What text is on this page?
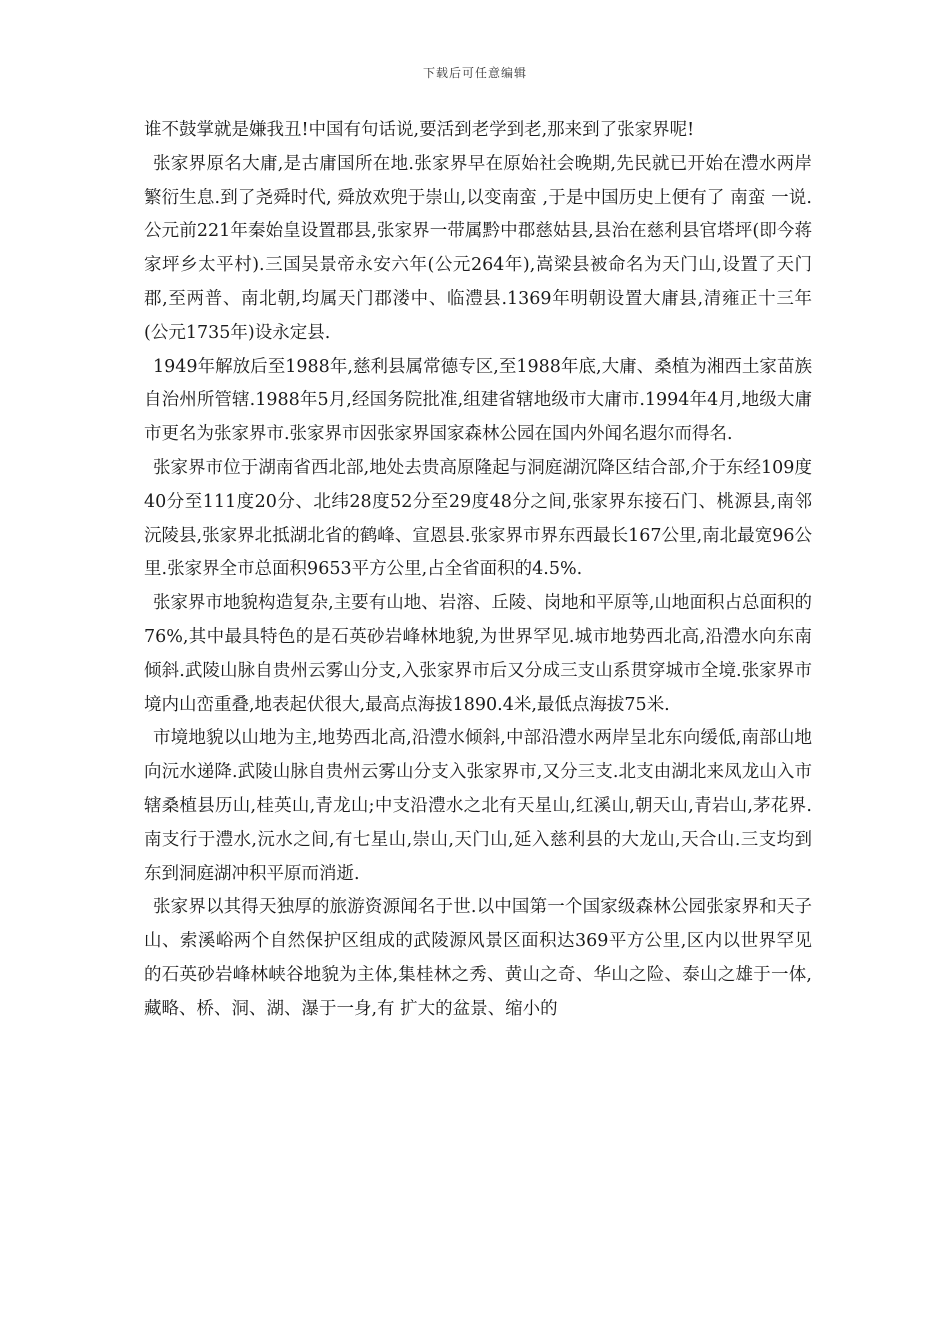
下载后可任意编辑

谁不鼓掌就是嫌我丑!中国有句话说,要活到老学到老,那来到了张家界呢!

张家界原名大庸,是古庸国所在地.张家界早在原始社会晚期,先民就已开始在澧水两岸繁衍生息.到了尧舜时代, 舜放欢兜于崇山,以变南蛮 ,于是中国历史上便有了 南蛮 一说.公元前221年秦始皇设置郡县,张家界一带属黔中郡慈姑县,县治在慈利县官塔坪(即今蒋家坪乡太平村).三国吴景帝永安六年(公元264年),嵩梁县被命名为天门山,设置了天门郡,至两普、南北朝,均属天门郡溇中、临澧县.1369年明朝设置大庸县,清雍正十三年(公元1735年)设永定县.

1949年解放后至1988年,慈利县属常德专区,至1988年底,大庸、桑植为湘西土家苗族自治州所管辖.1988年5月,经国务院批准,组建省辖地级市大庸市.1994年4月,地级大庸市更名为张家界市.张家界市因张家界国家森林公园在国内外闻名遐尔而得名.

张家界市位于湖南省西北部,地处去贵高原隆起与洞庭湖沉降区结合部,介于东经109度40分至111度20分、北纬28度52分至29度48分之间,张家界东接石门、桃源县,南邻沅陵县,张家界北抵湖北省的鹤峰、宣恩县.张家界市界东西最长167公里,南北最宽96公里.张家界全市总面积9653平方公里,占全省面积的4.5%.

张家界市地貌构造复杂,主要有山地、岩溶、丘陵、岗地和平原等,山地面积占总面积的76%,其中最具特色的是石英砂岩峰林地貌,为世界罕见.城市地势西北高,沿澧水向东南倾斜.武陵山脉自贵州云雾山分支,入张家界市后又分成三支山系贯穿城市全境.张家界市境内山峦重叠,地表起伏很大,最高点海拔1890.4米,最低点海拔75米.

市境地貌以山地为主,地势西北高,沿澧水倾斜,中部沿澧水两岸呈北东向缓低,南部山地向沅水递降.武陵山脉自贵州云雾山分支入张家界市,又分三支.北支由湖北来凤龙山入市辖桑植县历山,桂英山,青龙山;中支沿澧水之北有天星山,红溪山,朝天山,青岩山,茅花界.南支行于澧水,沅水之间,有七星山,崇山,天门山,延入慈利县的大龙山,天合山.三支均到东到洞庭湖冲积平原而消逝.

张家界以其得天独厚的旅游资源闻名于世.以中国第一个国家级森林公园张家界和天子山、索溪峪两个自然保护区组成的武陵源风景区面积达369平方公里,区内以世界罕见的石英砂岩峰林峡谷地貌为主体,集桂林之秀、黄山之奇、华山之险、泰山之雄于一体,藏略、桥、洞、湖、瀑于一身,有 扩大的盆景、缩小的
